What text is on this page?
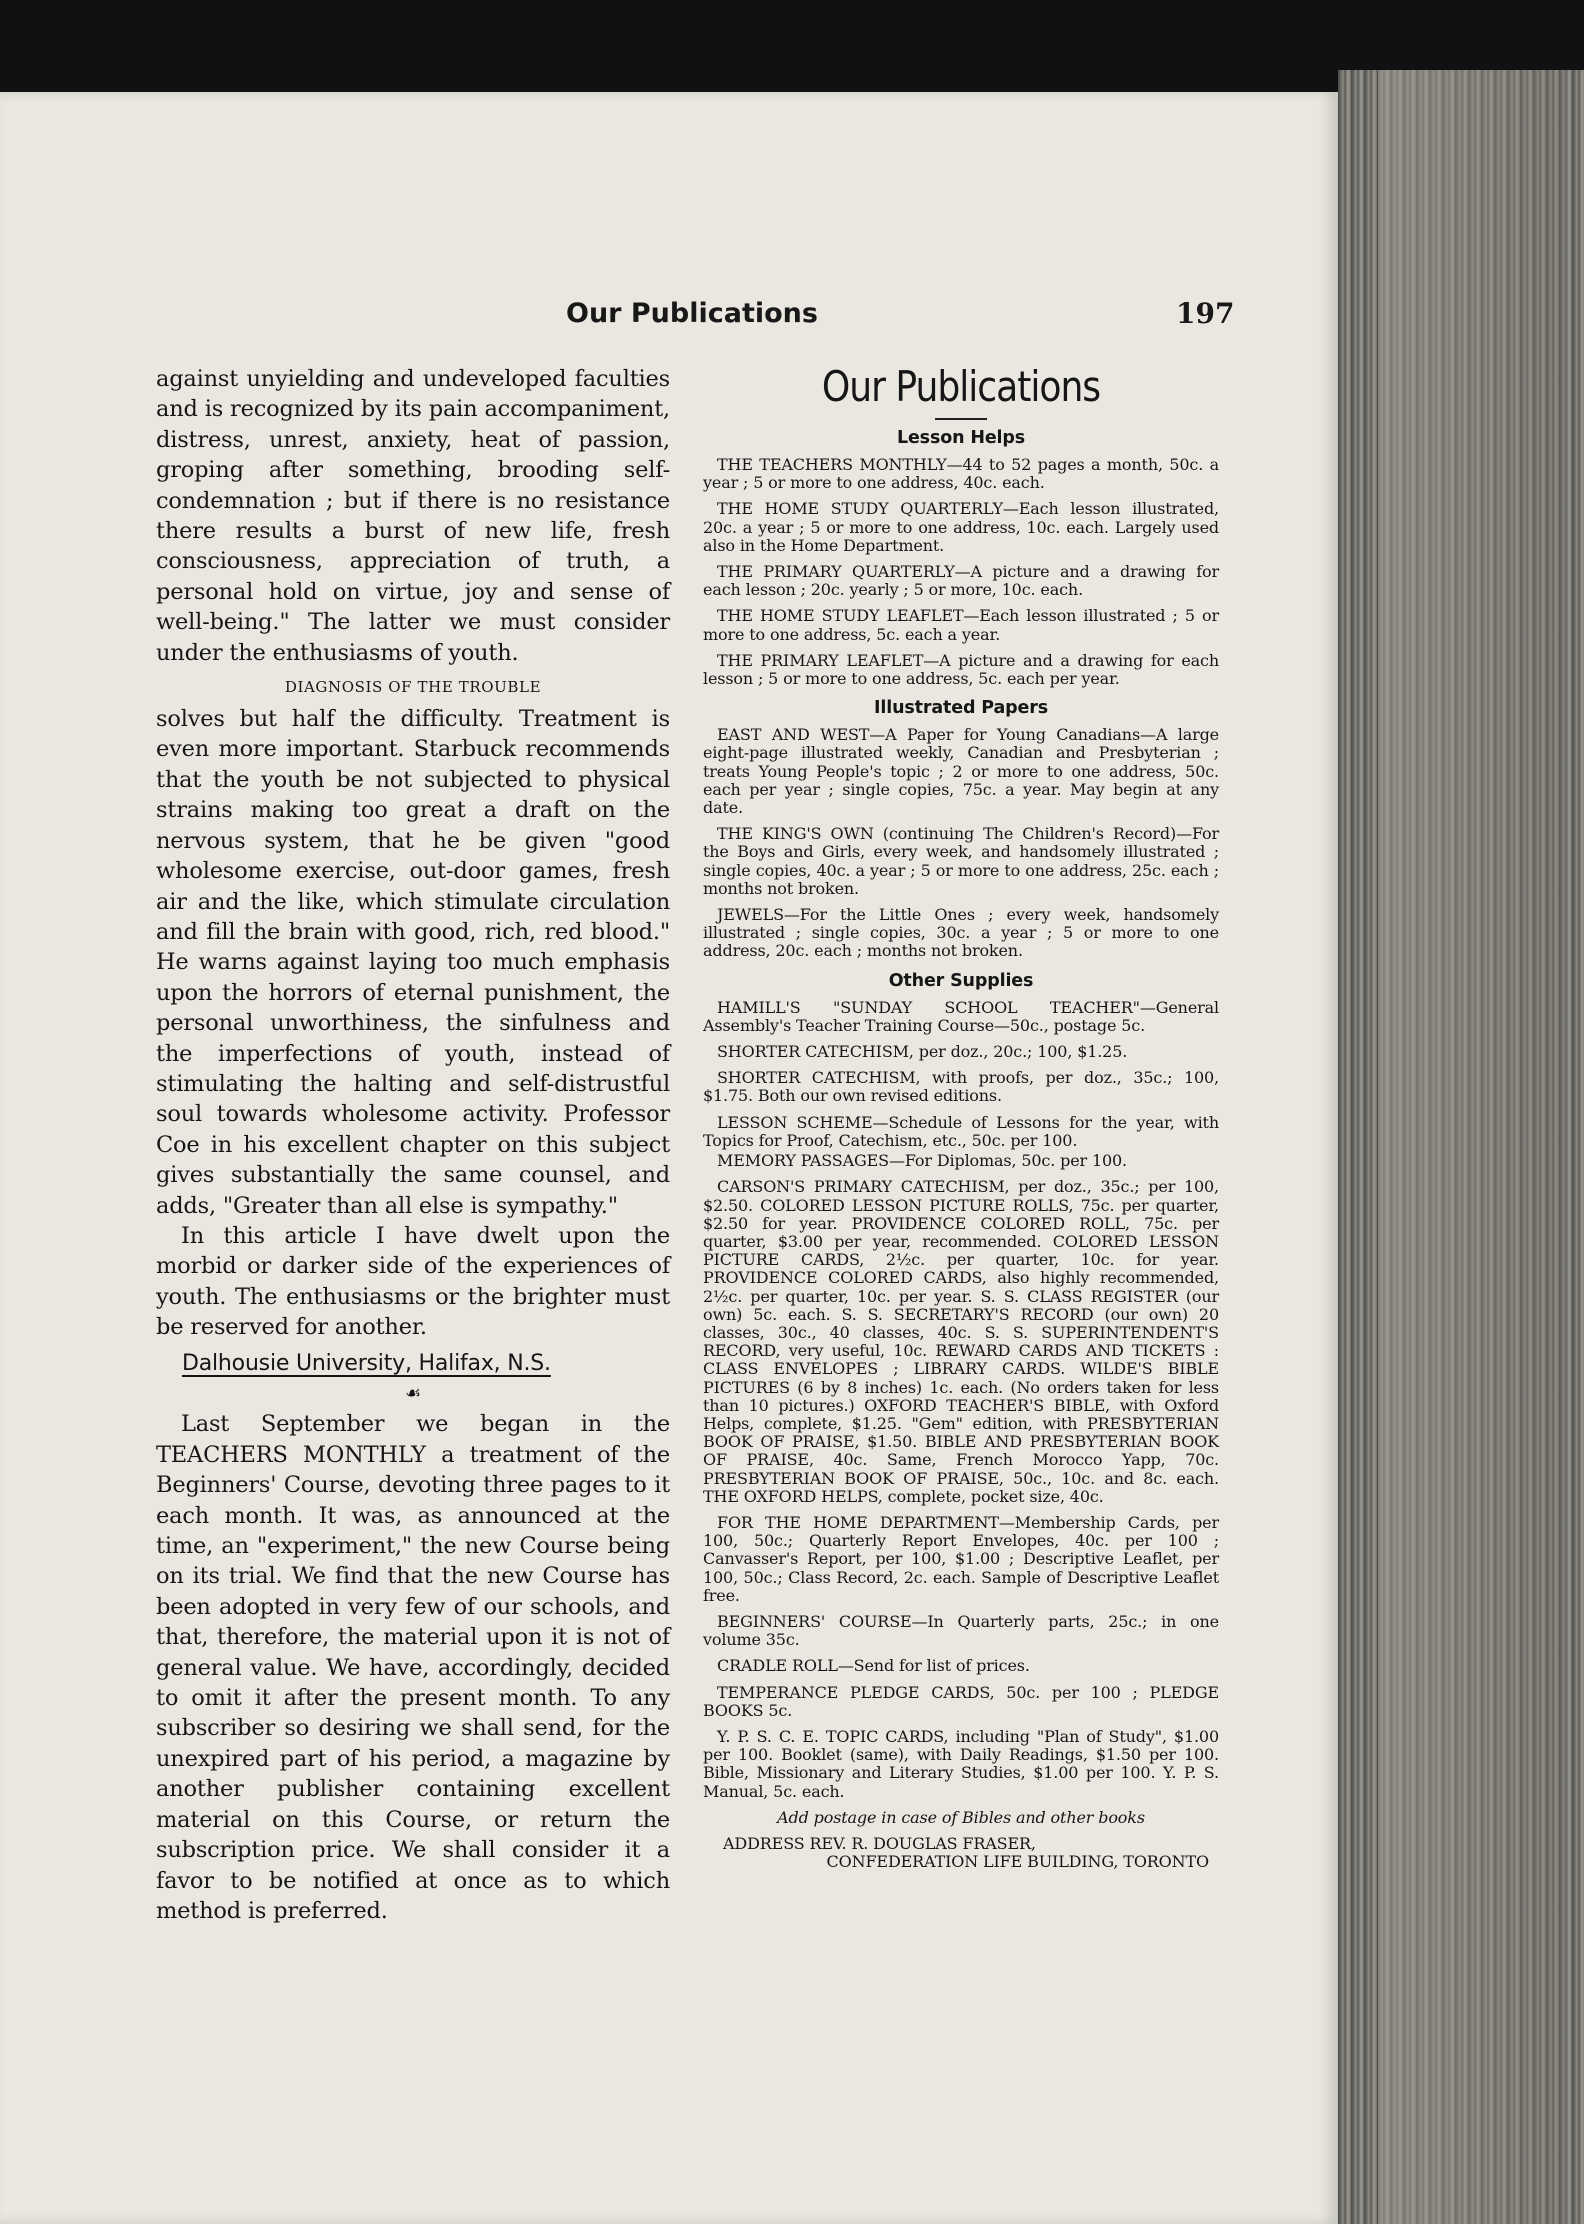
Our Publications	197

against unyielding and undeveloped faculties and is recognized by its pain accompaniment, distress, unrest, anxiety, heat of passion, groping after something, brooding self-condemnation ; but if there is no resistance there results a burst of new life, fresh consciousness, appreciation of truth, a personal hold on virtue, joy and sense of well-being." The latter we must consider under the enthusiasms of youth.

DIAGNOSIS OF THE TROUBLE

solves but half the difficulty. Treatment is even more important. Starbuck recommends that the youth be not subjected to physical strains making too great a draft on the nervous system, that he be given "good wholesome exercise, out-door games, fresh air and the like, which stimulate circulation and fill the brain with good, rich, red blood." He warns against laying too much emphasis upon the horrors of eternal punishment, the personal unworthiness, the sinfulness and the imperfections of youth, instead of stimulating the halting and self-distrustful soul towards wholesome activity. Professor Coe in his excellent chapter on this subject gives substantially the same counsel, and adds, "Greater than all else is sympathy."

In this article I have dwelt upon the morbid or darker side of the experiences of youth. The enthusiasms or the brighter must be reserved for another.

Dalhousie University, Halifax, N.S.

☙

Last September we began in the TEACHERS MONTHLY a treatment of the Beginners' Course, devoting three pages to it each month. It was, as announced at the time, an "experiment," the new Course being on its trial. We find that the new Course has been adopted in very few of our schools, and that, therefore, the material upon it is not of general value. We have, accordingly, decided to omit it after the present month. To any subscriber so desiring we shall send, for the unexpired part of his period, a magazine by another publisher containing excellent material on this Course, or return the subscription price. We shall consider it a favor to be notified at once as to which method is preferred.

Our Publications
Lesson Helps

THE TEACHERS MONTHLY—44 to 52 pages a month, 50c. a year ; 5 or more to one address, 40c. each.

THE HOME STUDY QUARTERLY—Each lesson illustrated, 20c. a year ; 5 or more to one address, 10c. each. Largely used also in the Home Department.

THE PRIMARY QUARTERLY—A picture and a drawing for each lesson ; 20c. yearly ; 5 or more, 10c. each.

THE HOME STUDY LEAFLET—Each lesson illustrated ; 5 or more to one address, 5c. each a year.

THE PRIMARY LEAFLET—A picture and a drawing for each lesson ; 5 or more to one address, 5c. each per year.

Illustrated Papers

EAST AND WEST—A Paper for Young Canadians—A large eight-page illustrated weekly, Canadian and Presbyterian ; treats Young People's topic ; 2 or more to one address, 50c. each per year ; single copies, 75c. a year. May begin at any date.

THE KING'S OWN (continuing The Children's Record)—For the Boys and Girls, every week, and handsomely illustrated ; single copies, 40c. a year ; 5 or more to one address, 25c. each ; months not broken.

JEWELS—For the Little Ones ; every week, handsomely illustrated ; single copies, 30c. a year ; 5 or more to one address, 20c. each ; months not broken.

Other Supplies

HAMILL'S "SUNDAY SCHOOL TEACHER"—General Assembly's Teacher Training Course—50c., postage 5c.

SHORTER CATECHISM, per doz., 20c.; 100, $1.25.

SHORTER CATECHISM, with proofs, per doz., 35c.; 100, $1.75. Both our own revised editions.

LESSON SCHEME—Schedule of Lessons for the year, with Topics for Proof, Catechism, etc., 50c. per 100.

MEMORY PASSAGES—For Diplomas, 50c. per 100.

CARSON'S PRIMARY CATECHISM, per doz., 35c.; per 100, $2.50. COLORED LESSON PICTURE ROLLS, 75c. per quarter, $2.50 for year. PROVIDENCE COLORED ROLL, 75c. per quarter, $3.00 per year, recommended. COLORED LESSON PICTURE CARDS, 2½c. per quarter, 10c. for year. PROVIDENCE COLORED CARDS, also highly recommended, 2½c. per quarter, 10c. per year. S. S. CLASS REGISTER (our own) 5c. each. S. S. SECRETARY'S RECORD (our own) 20 classes, 30c., 40 classes, 40c. S. S. SUPERINTENDENT'S RECORD, very useful, 10c. REWARD CARDS AND TICKETS : CLASS ENVELOPES ; LIBRARY CARDS. WILDE'S BIBLE PICTURES (6 by 8 inches) 1c. each. (No orders taken for less than 10 pictures.) OXFORD TEACHER'S BIBLE, with Oxford Helps, complete, $1.25. "Gem" edition, with PRESBYTERIAN BOOK OF PRAISE, $1.50. BIBLE AND PRESBYTERIAN BOOK OF PRAISE, 40c. Same, French Morocco Yapp, 70c. PRESBYTERIAN BOOK OF PRAISE, 50c., 10c. and 8c. each. THE OXFORD HELPS, complete, pocket size, 40c.

FOR THE HOME DEPARTMENT—Membership Cards, per 100, 50c.; Quarterly Report Envelopes, 40c. per 100 ; Canvasser's Report, per 100, $1.00 ; Descriptive Leaflet, per 100, 50c.; Class Record, 2c. each. Sample of Descriptive Leaflet free.

BEGINNERS' COURSE—In Quarterly parts, 25c.; in one volume 35c.

CRADLE ROLL—Send for list of prices.

TEMPERANCE PLEDGE CARDS, 50c. per 100 ; PLEDGE BOOKS 5c.

Y. P. S. C. E. TOPIC CARDS, including "Plan of Study", $1.00 per 100. Booklet (same), with Daily Readings, $1.50 per 100. Bible, Missionary and Literary Studies, $1.00 per 100. Y. P. S. Manual, 5c. each.

Add postage in case of Bibles and other books

ADDRESS REV. R. DOUGLAS FRASER,

CONFEDERATION LIFE BUILDING, TORONTO
